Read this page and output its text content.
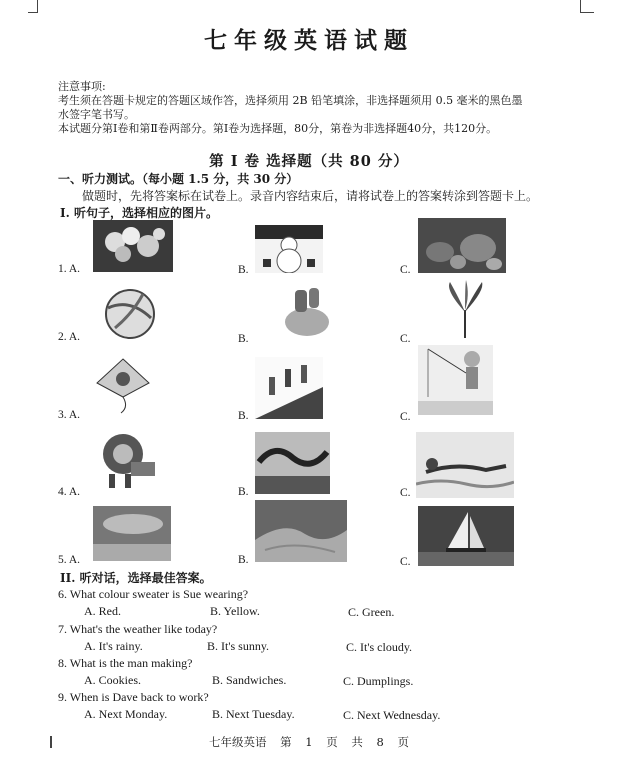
七年级英语试题
注意事项:
考生须在答题卡规定的答题区域作答，选择须用 2B 铅笔填涂，非选择题须用 0.5 毫米的黑色墨
水签字笔书写。
本试题分第Ⅰ卷和第Ⅱ卷两部分。第Ⅰ卷为选择题，80分，第卷为非选择题40分，共120分。
第 Ⅰ 卷 选择题（共 80 分）
一、听力测试。（每小题 1.5 分，共 30 分）
做题时，先将答案标在试卷上。录音内容结束后，请将试卷上的答案转涂到答题卡上。
I. 听句子，选择相应的图片。
1. A.	B.	C.
2. A.	B.	C.
3. A.	B.	C.
4. A.	B.	C.
5. A.	B.	C.
II. 听对话，选择最佳答案。
6. What colour sweater is Sue wearing?
A. Red.	B. Yellow.	C. Green.
7. What's the weather like today?
A. It's rainy.	B. It's sunny.	C. It's cloudy.
8. What is the man making?
A. Cookies.	B. Sandwiches.	C. Dumplings.
9. When is Dave back to work?
A. Next Monday.	B. Next Tuesday.	C. Next Wednesday.
七年级英语 第 1 页 共 8 页
